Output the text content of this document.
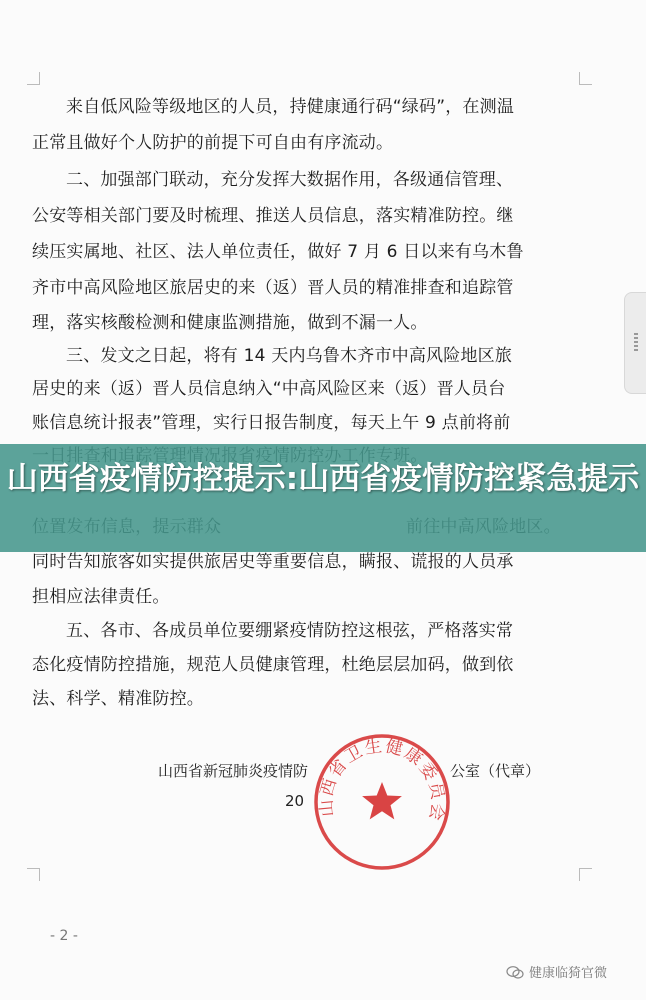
来自低风险等级地区的人员，持健康通行码“绿码”，在测温
正常且做好个人防护的前提下可自由有序流动。
二、加强部门联动，充分发挥大数据作用，各级通信管理、
公安等相关部门要及时梳理、推送人员信息，落实精准防控。继
续压实属地、社区、法人单位责任，做好 7 月 6 日以来有乌木鲁
齐市中高风险地区旅居史的来（返）晋人员的精准排查和追踪管
理，落实核酸检测和健康监测措施，做到不漏一人。
三、发文之日起，将有 14 天内乌鲁木齐市中高风险地区旅
居史的来（返）晋人员信息纳入“中高风险区来（返）晋人员台
账信息统计报表”管理，实行日报告制度，每天上午 9 点前将前
同时告知旅客如实提供旅居史等重要信息，瞒报、谎报的人员承
担相应法律责任。
五、各市、各成员单位要绷紧疫情防控这根弦，严格落实常
态化疫情防控措施，规范人员健康管理，杜绝层层加码，做到依
法、科学、精准防控。
山西省新冠肺炎疫情防	公室（代章）
20 山西省卫生健康委员会
- 2 -
山西省疫情防控提示:山西省疫情防控紧急提示
健康临猗官微
